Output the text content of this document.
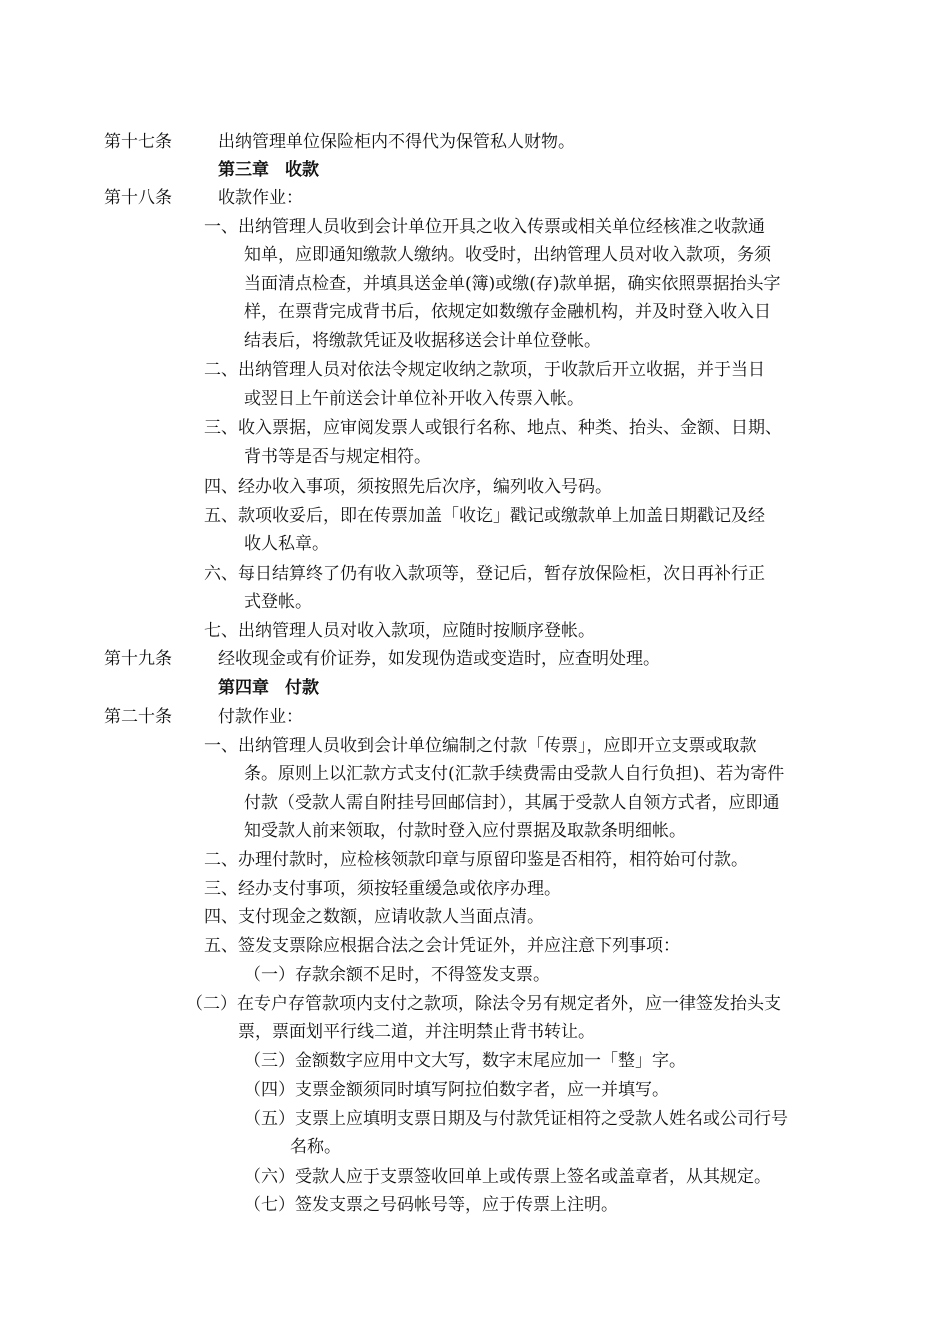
第十七条	出纳管理单位保险柜内不得代为保管私人财物。
第三章 收款
第十八条	收款作业：
一、出纳管理人员收到会计单位开具之收入传票或相关单位经核准之收款通
知单，应即通知缴款人缴纳。收受时，出纳管理人员对收入款项，务须
当面清点检查，并填具送金单(簿)或缴(存)款单据，确实依照票据抬头字
样，在票背完成背书后，依规定如数缴存金融机构，并及时登入收入日
结表后，将缴款凭证及收据移送会计单位登帐。
二、出纳管理人员对依法令规定收纳之款项，于收款后开立收据，并于当日
或翌日上午前送会计单位补开收入传票入帐。
三、收入票据，应审阅发票人或银行名称、地点、种类、抬头、金额、日期、
背书等是否与规定相符。
四、经办收入事项，须按照先后次序，编列收入号码。
五、款项收妥后，即在传票加盖「收讫」戳记或缴款单上加盖日期戳记及经
收人私章。
六、每日结算终了仍有收入款项等，登记后，暂存放保险柜，次日再补行正
式登帐。
七、出纳管理人员对收入款项，应随时按顺序登帐。
第十九条	经收现金或有价证券，如发现伪造或变造时，应查明处理。
第四章 付款
第二十条	付款作业：
一、出纳管理人员收到会计单位编制之付款「传票」，应即开立支票或取款
条。原则上以汇款方式支付(汇款手续费需由受款人自行负担)、若为寄件
付款（受款人需自附挂号回邮信封），其属于受款人自领方式者，应即通
知受款人前来领取，付款时登入应付票据及取款条明细帐。
二、办理付款时，应检核领款印章与原留印鉴是否相符，相符始可付款。
三、经办支付事项，须按轻重缓急或依序办理。
四、支付现金之数额，应请收款人当面点清。
五、签发支票除应根据合法之会计凭证外，并应注意下列事项：
（一）存款余额不足时，不得签发支票。
（二）在专户存管款项内支付之款项，除法令另有规定者外，应一律签发抬头支
票，票面划平行线二道，并注明禁止背书转让。
（三）金额数字应用中文大写，数字末尾应加一「整」字。
（四）支票金额须同时填写阿拉伯数字者，应一并填写。
（五）支票上应填明支票日期及与付款凭证相符之受款人姓名或公司行号
名称。
（六）受款人应于支票签收回单上或传票上签名或盖章者，从其规定。
（七）签发支票之号码帐号等，应于传票上注明。
